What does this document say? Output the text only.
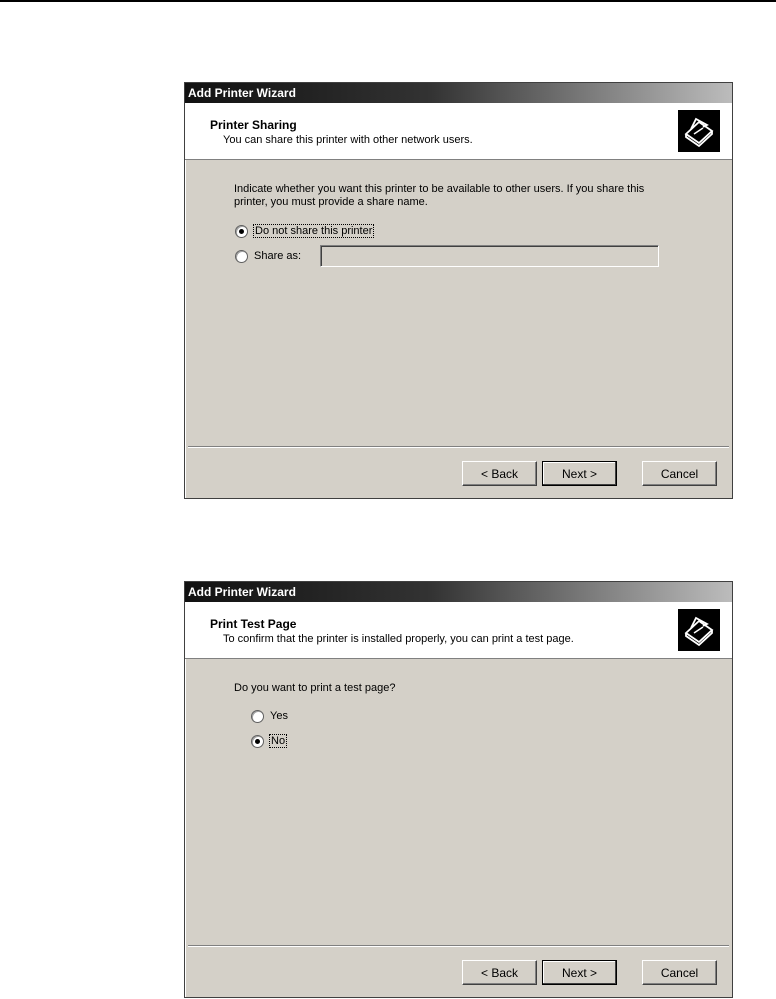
Add Printer Wizard
Printer Sharing
You can share this printer with other network users.
Indicate whether you want this printer to be available to other users. If you share this
printer, you must provide a share name.
Do not share this printer
Share as:
< Back	Next >	Cancel
Add Printer Wizard
Print Test Page
To confirm that the printer is installed properly, you can print a test page.
Do you want to print a test page?
Yes
No
< Back	Next >	Cancel
